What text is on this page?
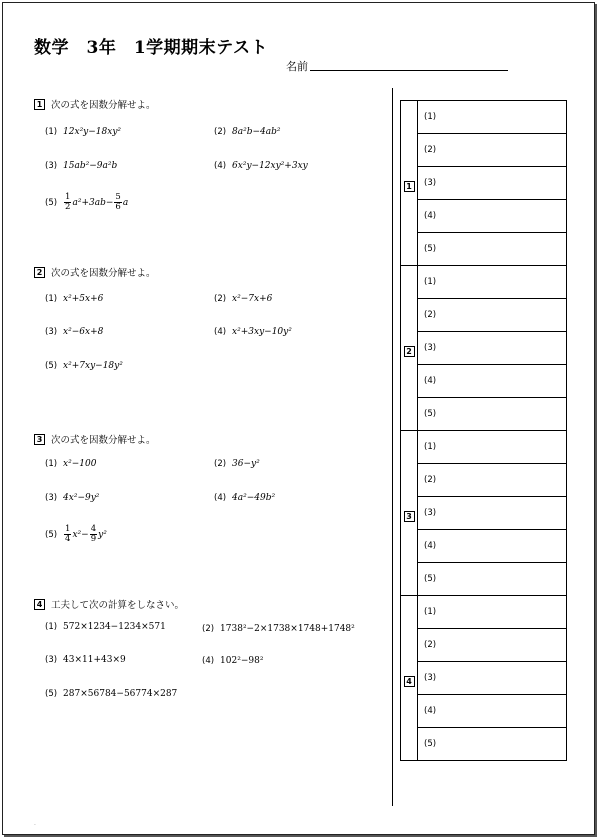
数学　3年　1学期期末テスト
名前
1 次の式を因数分解せよ。
(1) 12x²y−18xy²	(2) 8a²b−4ab²
(3) 15ab²−9a²b	(4) 6x²y−12xy²+3xy
$(5) \frac{1}{2} a^2+3ab- \frac{5}{6}$ a
2 次の式を因数分解せよ。
(1) x²+5x+6	(2) x²−7x+6
(3) x²−6x+8	(4) x²+3xy−10y²
(5) x²+7xy−18y²
3 次の式を因数分解せよ。
(1) x²−100	(2) 36−y²
(3) 4x²−9y²	(4) 4a²−49b²
$(5) \frac{1}{4} x^2- \frac{4}{9} y^2$
4 工夫して次の計算をしなさい。
(1) 572×1234−1234×571	(2) 1738²−2×1738×1748+1748²
(3) 43×11+43×9	(4) 102²−98²
(5) 287×56784−56774×287
1	(1)
	(2)
	(3)
	(4)
	(5)
2	(1)
	(2)
	(3)
	(4)
	(5)
3	(1)
	(2)
	(3)
	(4)
	(5)
4	(1)
	(2)
	(3)
	(4)
	(5)
·
